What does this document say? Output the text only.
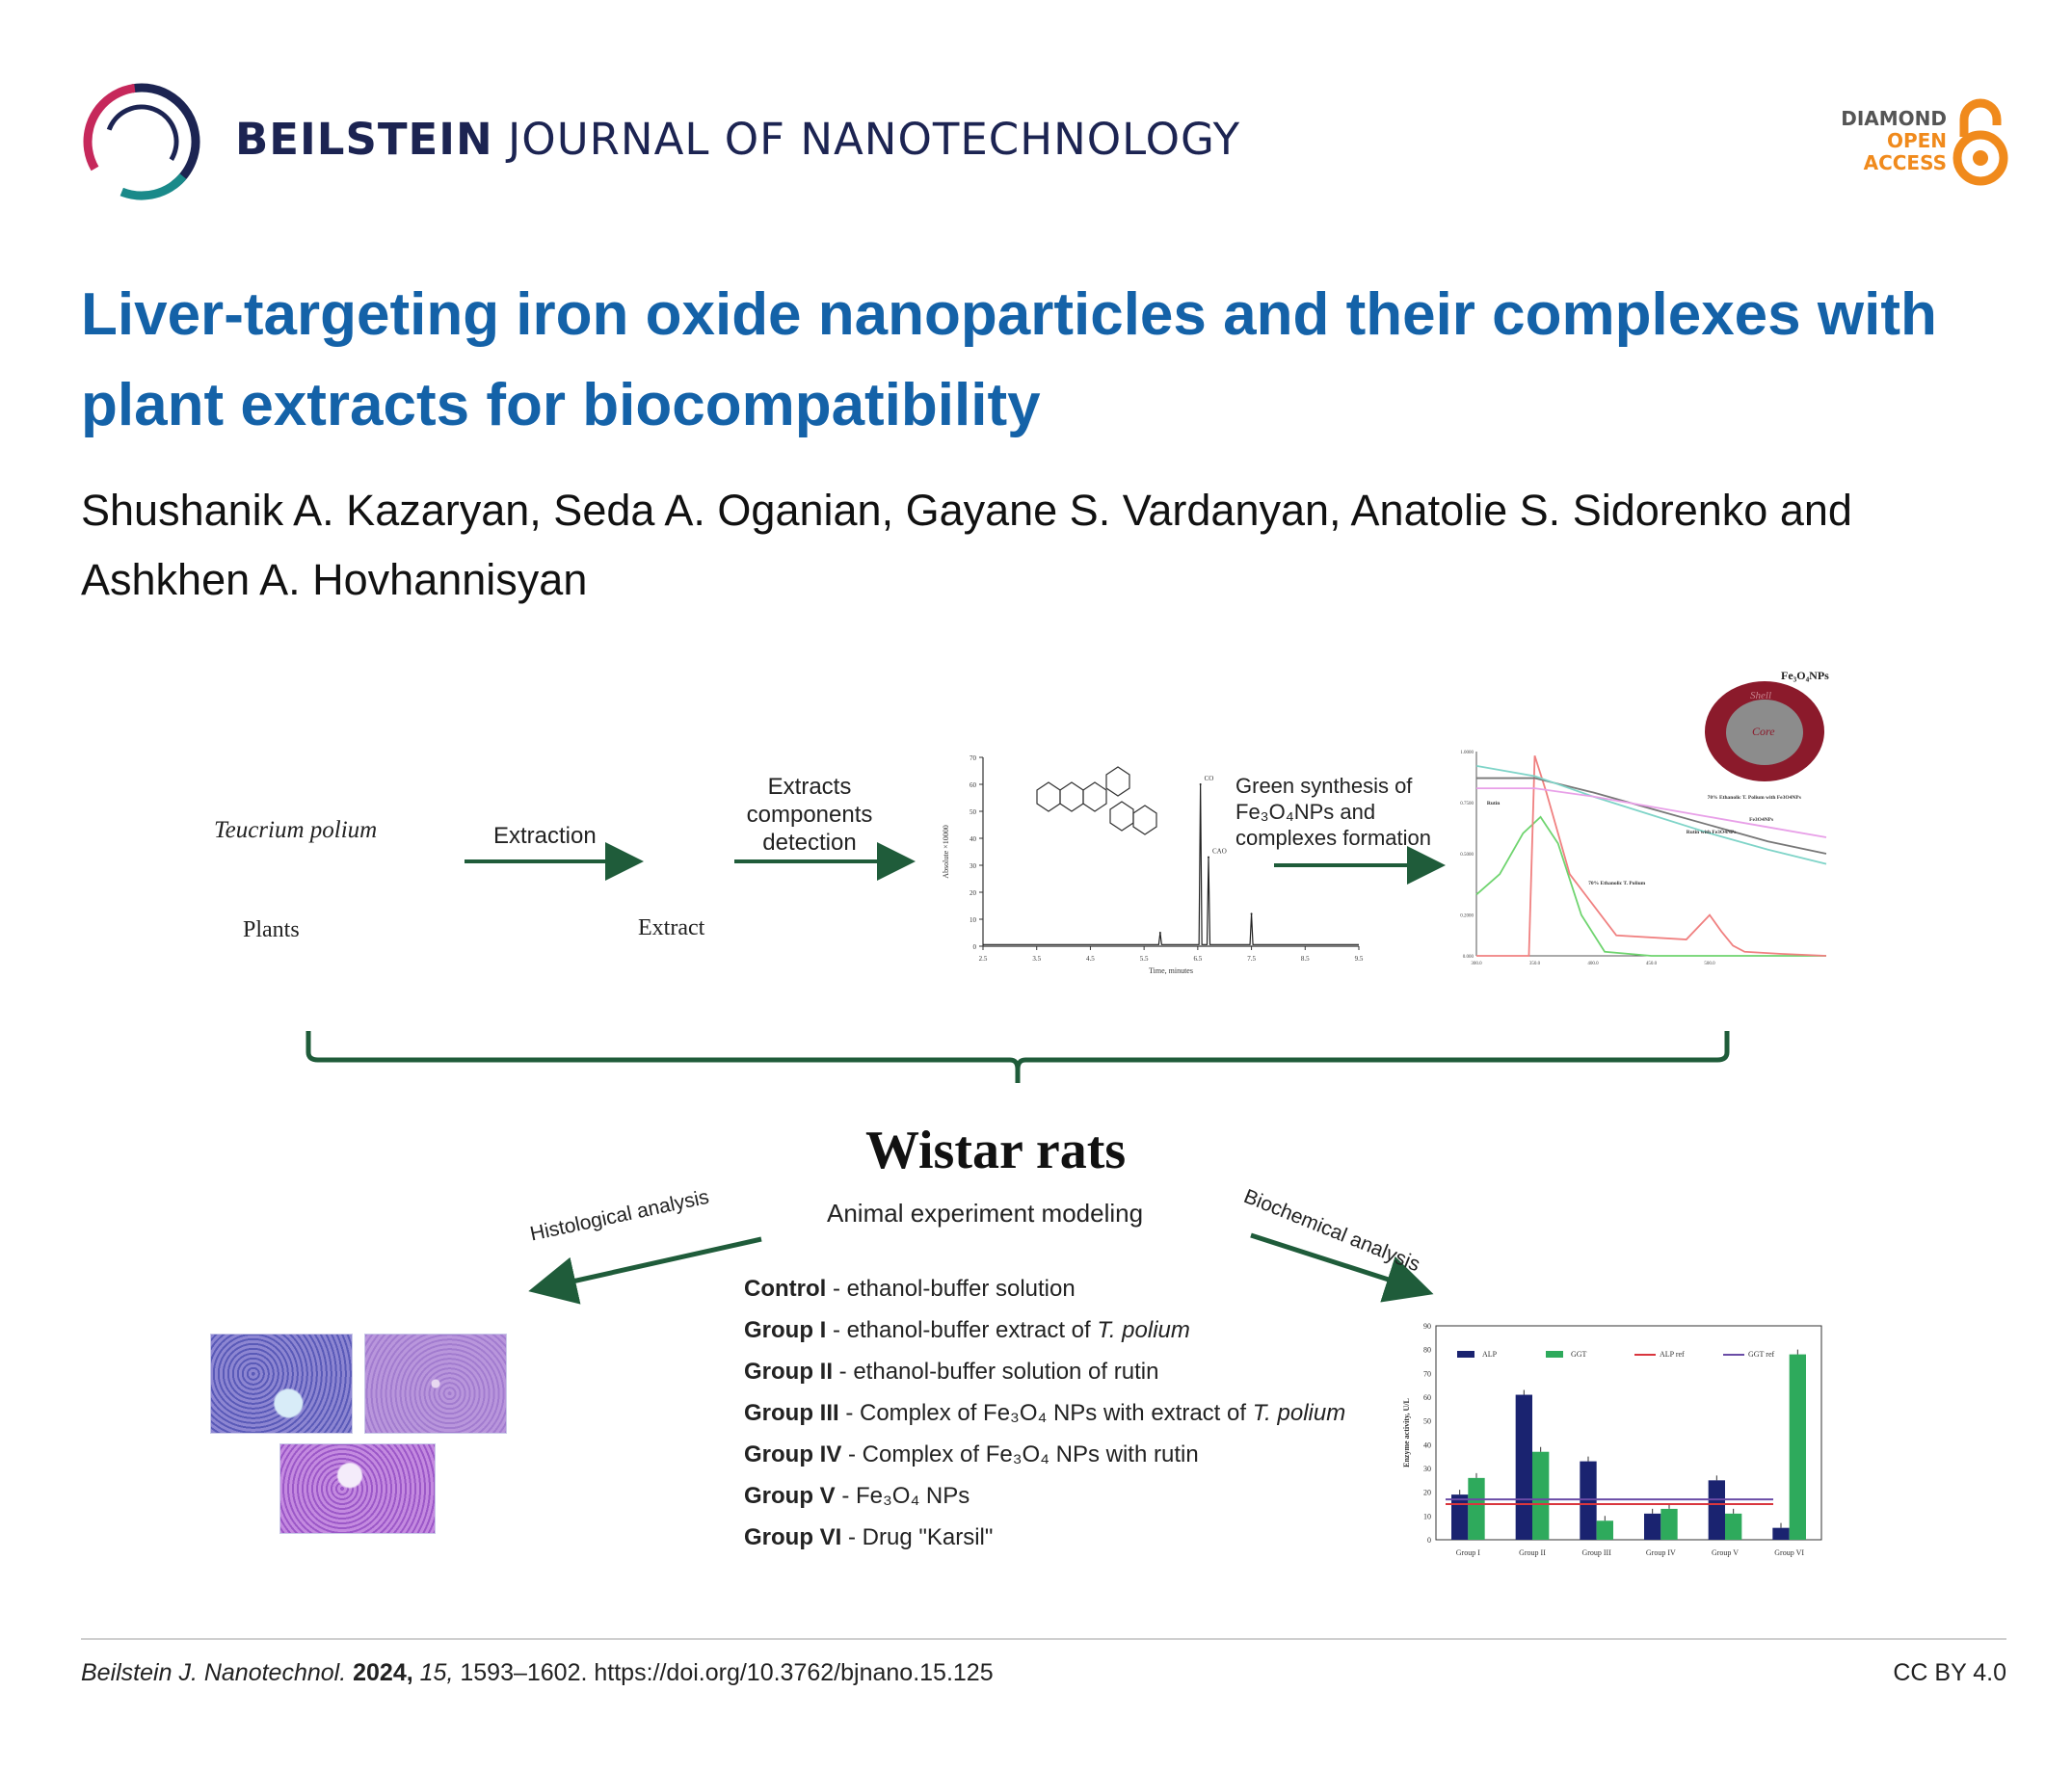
BEILSTEIN JOURNAL OF NANOTECHNOLOGY	DIAMOND
OPEN
ACCESS
Liver-targeting iron oxide nanoparticles and their complexes with plant extracts for biocompatibility
Shushanik A. Kazaryan, Seda A. Oganian, Gayane S. Vardanyan, Anatolie S. Sidorenko and Ashkhen A. Hovhannisyan
Teucrium polium
Plants
Extraction
Extract
Extracts
components
detection
Green synthesis of
Fe₃O₄NPs and
complexes formation
0
10
20
30
40
50
60
70
2.5	3.5	4.5	5.5	6.5	7.5	8.5	9.5
Time, minutes
Absolute ×10000
CO
CAO
Fe₃O₄NPs
Shell
Core
0.000
0.2000
0.5000
0.7500
1.0000
300.0	350.0	400.0	450.0	500.0
Rutin
70% Ethanolic T. Polium
Fe3O4NPs
Rutin with Fe3O4NPs
70% Ethanolic T. Polium with Fe3O4NPs
Wistar rats
Animal experiment modeling
Histological analysis	Biochemical analysis
Control - ethanol-buffer solution
Group I - ethanol-buffer extract of T. polium
Group II - ethanol-buffer solution of rutin
Group III - Complex of Fe₃O₄ NPs with extract of T. polium
Group IV - Complex of Fe₃O₄ NPs with rutin
Group V - Fe₃O₄ NPs
Group VI - Drug "Karsil"	0
10
20
30
40
50
60
70
80
90
Enzyme activity, U/L
Group I	Group II	Group III	Group IV	Group V	Group VI
ALP	GGT	ALP ref	GGT ref
Beilstein J. Nanotechnol. 2024, 15, 1593–1602. https://doi.org/10.3762/bjnano.15.125	CC BY 4.0
